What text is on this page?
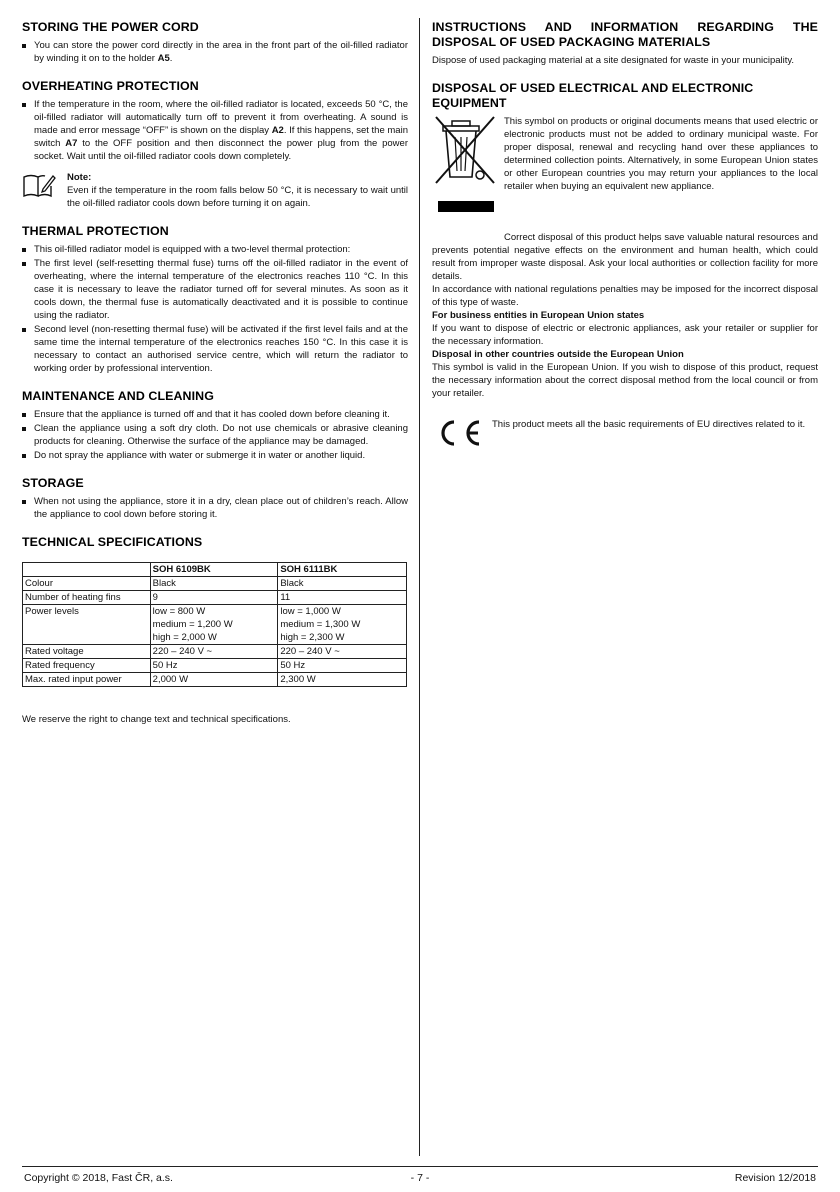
STORING THE POWER CORD
You can store the power cord directly in the area in the front part of the oil-filled radiator by winding it on to the holder A5.
OVERHEATING PROTECTION
If the temperature in the room, where the oil-filled radiator is located, exceeds 50 °C, the oil-filled radiator will automatically turn off to prevent it from overheating. A sound is made and error message “OFF” is shown on the display A2. If this happens, set the main switch A7 to the OFF position and then disconnect the power plug from the power socket. Wait until the oil-filled radiator cools down completely.
Note:

Even if the temperature in the room falls below 50 °C, it is necessary to wait until the oil-filled radiator cools down before turning it on again.

THERMAL PROTECTION
This oil-filled radiator model is equipped with a two-level thermal protection:
The first level (self-resetting thermal fuse) turns off the oil-filled radiator in the event of overheating, where the internal temperature of the electronics reaches 110 °C. In this case it is necessary to leave the radiator turned off for several minutes. As soon as it cools down, the thermal fuse is automatically deactivated and it is possible to continue using the radiator.
Second level (non-resetting thermal fuse) will be activated if the first level fails and at the same time the internal temperature of the electronics reaches 150 °C. In this case it is necessary to contact an authorised service centre, which will return the radiator to working order by professional intervention.
MAINTENANCE AND CLEANING
Ensure that the appliance is turned off and that it has cooled down before cleaning it.
Clean the appliance using a soft dry cloth. Do not use chemicals or abrasive cleaning products for cleaning. Otherwise the surface of the appliance may be damaged.
Do not spray the appliance with water or submerge it in water or another liquid.
STORAGE
When not using the appliance, store it in a dry, clean place out of children’s reach. Allow the appliance to cool down before storing it.
TECHNICAL SPECIFICATIONS
	SOH 6109BK	SOH 6111BK
Colour	Black	Black
Number of heating fins	9	11
Power levels	low = 800 W
medium = 1,200 W
high = 2,000 W	low = 1,000 W
medium = 1,300 W
high = 2,300 W
Rated voltage	220 – 240 V ~	220 – 240 V ~
Rated frequency	50 Hz	50 Hz
Max. rated input power	2,000 W	2,300 W

We reserve the right to change text and technical specifications.

INSTRUCTIONS AND INFORMATION REGARDING THE DISPOSAL OF USED PACKAGING MATERIALS

Dispose of used packaging material at a site designated for waste in your municipality.

DISPOSAL OF USED ELECTRICAL AND ELECTRONIC EQUIPMENT

This symbol on products or original documents means that used electric or electronic products must not be added to ordinary municipal waste. For proper disposal, renewal and recycling hand over these appliances to determined collection points. Alternatively, in some European Union states or other European countries you may return your appliances to the local retailer when buying an equivalent new appliance.

Correct disposal of this product helps save valuable natural resources and prevents potential negative effects on the environment and human health, which could result from improper waste disposal. Ask your local authorities or collection facility for more details.

In accordance with national regulations penalties may be imposed for the incorrect disposal of this type of waste.

For business entities in European Union states

If you want to dispose of electric or electronic appliances, ask your retailer or supplier for the necessary information.

Disposal in other countries outside the European Union

This symbol is valid in the European Union. If you wish to dispose of this product, request the necessary information about the correct disposal method from the local council or from your retailer.

This product meets all the basic requirements of EU directives related to it.

Copyright © 2018, Fast ČR, a.s.	- 7 -	Revision 12/2018
